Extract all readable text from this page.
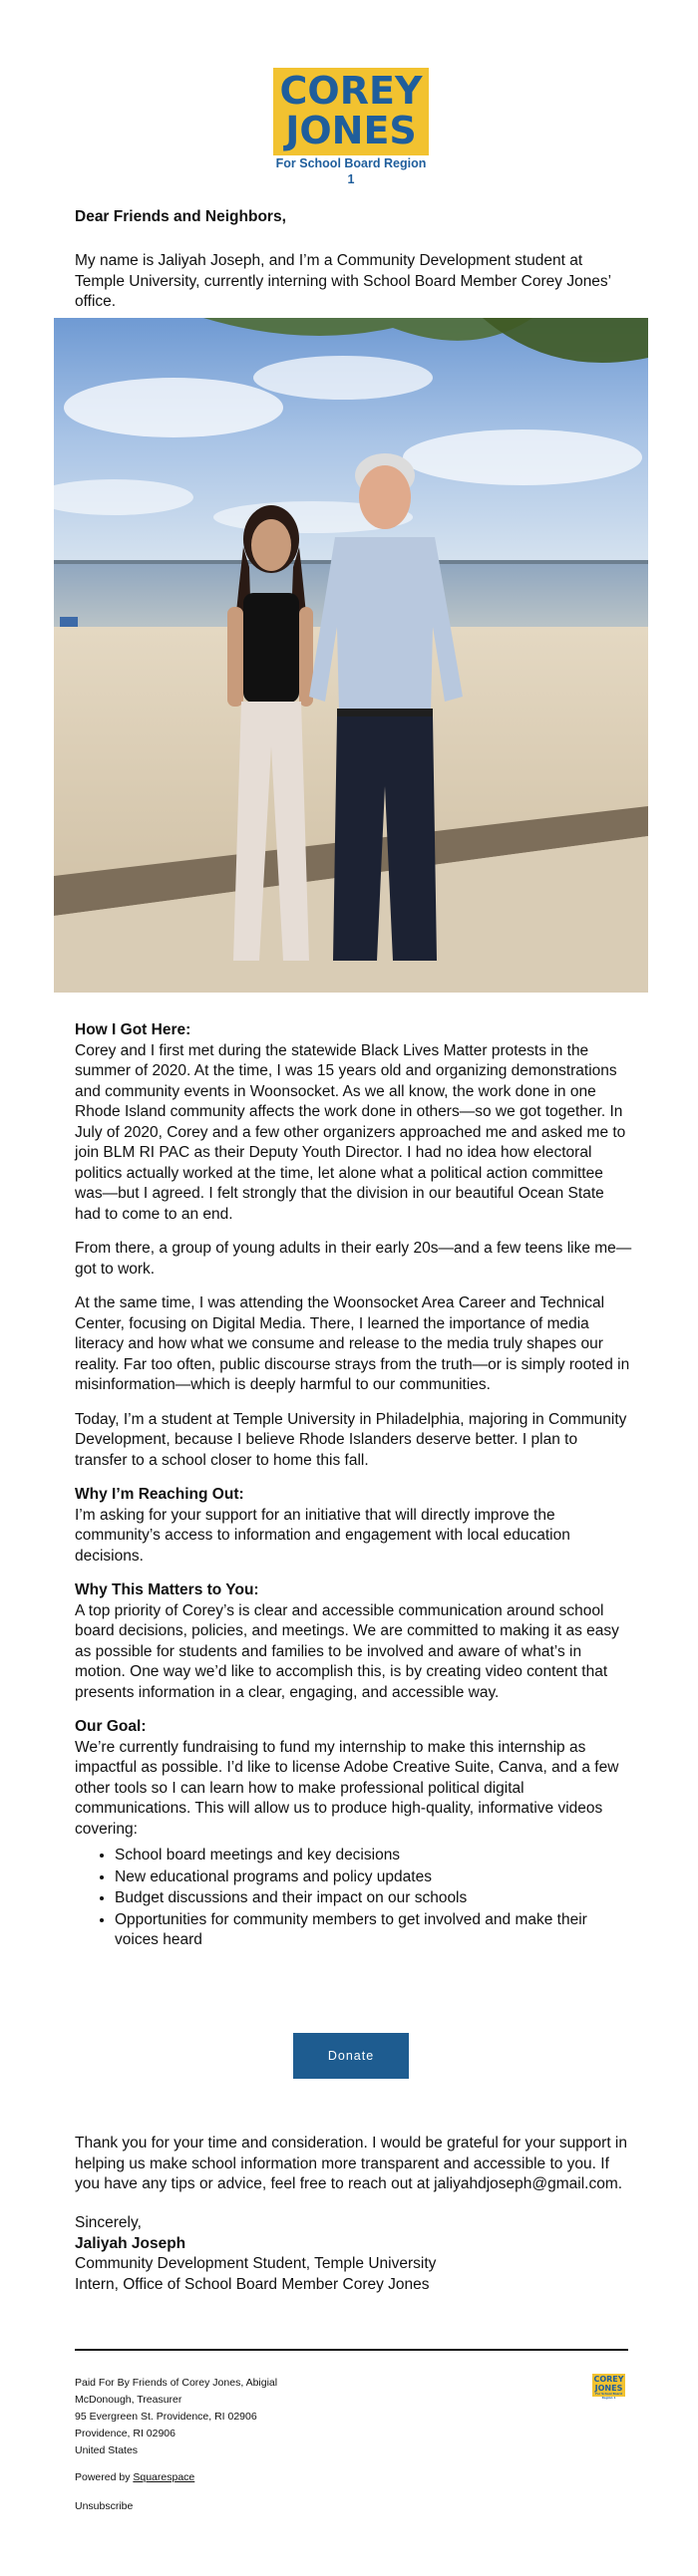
COREY
JONES
For School Board Region 1
Dear Friends and Neighbors,
My name is Jaliyah Joseph, and I’m a Community Development student at Temple University, currently interning with School Board Member Corey Jones’ office.

How I Got Here:
Corey and I first met during the statewide Black Lives Matter protests in the summer of 2020. At the time, I was 15 years old and organizing demonstrations and community events in Woonsocket. As we all know, the work done in one Rhode Island community affects the work done in others—so we got together. In July of 2020, Corey and a few other organizers approached me and asked me to join BLM RI PAC as their Deputy Youth Director. I had no idea how electoral politics actually worked at the time, let alone what a political action committee was—but I agreed. I felt strongly that the division in our beautiful Ocean State had to come to an end.

From there, a group of young adults in their early 20s—and a few teens like me—got to work.

At the same time, I was attending the Woonsocket Area Career and Technical Center, focusing on Digital Media. There, I learned the importance of media literacy and how what we consume and release to the media truly shapes our reality. Far too often, public discourse strays from the truth—or is simply rooted in misinformation—which is deeply harmful to our communities.

Today, I’m a student at Temple University in Philadelphia, majoring in Community Development, because I believe Rhode Islanders deserve better. I plan to transfer to a school closer to home this fall.

Why I’m Reaching Out:
I’m asking for your support for an initiative that will directly improve the community’s access to information and engagement with local education decisions.

Why This Matters to You:
A top priority of Corey’s is clear and accessible communication around school board decisions, policies, and meetings. We are committed to making it as easy as possible for students and families to be involved and aware of what’s in motion. One way we’d like to accomplish this, is by creating video content that presents information in a clear, engaging, and accessible way.

Our Goal:
We’re currently fundraising to fund my internship to make this internship as impactful as possible. I’d like to license Adobe Creative Suite, Canva, and a few other tools so I can learn how to make professional political digital communications. This will allow us to produce high-quality, informative videos covering:

• School board meetings and key decisions
• New educational programs and policy updates
• Budget discussions and their impact on our schools
• Opportunities for community members to get involved and make their voices heard
Donate
Thank you for your time and consideration. I would be grateful for your support in helping us make school information more transparent and accessible to you. If you have any tips or advice, feel free to reach out at jaliyahdjoseph@gmail.com.
Sincerely,
Jaliyah Joseph
Community Development Student, Temple University
Intern, Office of School Board Member Corey Jones
Paid For By Friends of Corey Jones, Abigial
McDonough, Treasurer
95 Evergreen St. Providence, RI 02906
Providence, RI 02906
United States
Powered by Squarespace
Unsubscribe
COREY
JONES
For School Board Region 1
